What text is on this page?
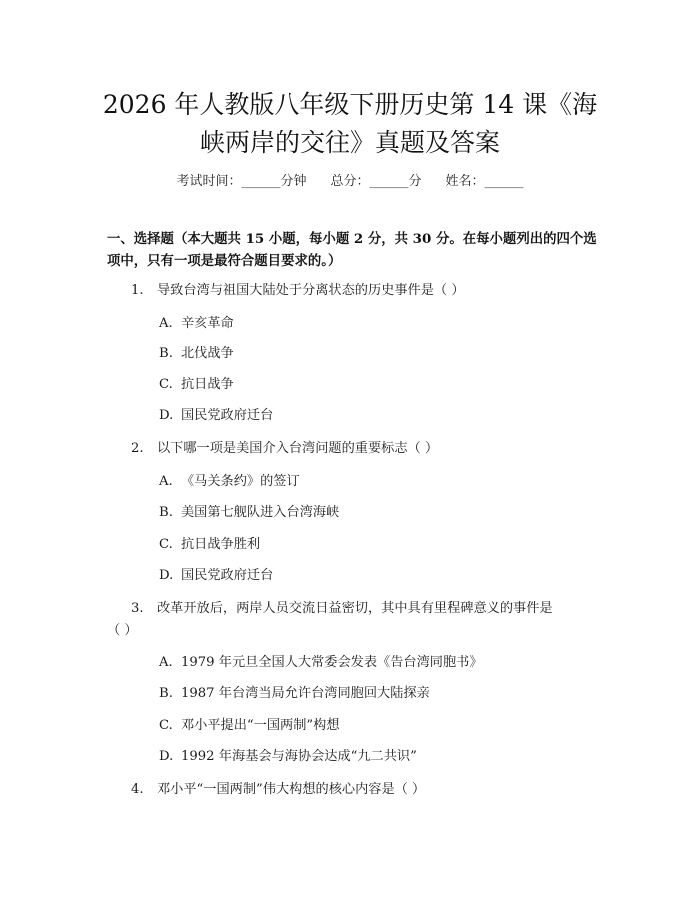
2026 年人教版八年级下册历史第 14 课《海
峡两岸的交往》真题及答案
考试时间：______分钟 总分：______分 姓名：______
一、选择题（本大题共 15 小题，每小题 2 分，共 30 分。在每小题列出的四个选项中，只有一项是最符合题目要求的。）
1. 导致台湾与祖国大陆处于分离状态的历史事件是（ ）
A. 辛亥革命
B. 北伐战争
C. 抗日战争
D. 国民党政府迁台
2. 以下哪一项是美国介入台湾问题的重要标志（ ）
A. 《马关条约》的签订
B. 美国第七舰队进入台湾海峡
C. 抗日战争胜利
D. 国民党政府迁台
3. 改革开放后，两岸人员交流日益密切，其中具有里程碑意义的事件是
（ ）
A. 1979 年元旦全国人大常委会发表《告台湾同胞书》
B. 1987 年台湾当局允许台湾同胞回大陆探亲
C. 邓小平提出“一国两制”构想
D. 1992 年海基会与海协会达成“九二共识”
4. 邓小平“一国两制”伟大构想的核心内容是（ ）
